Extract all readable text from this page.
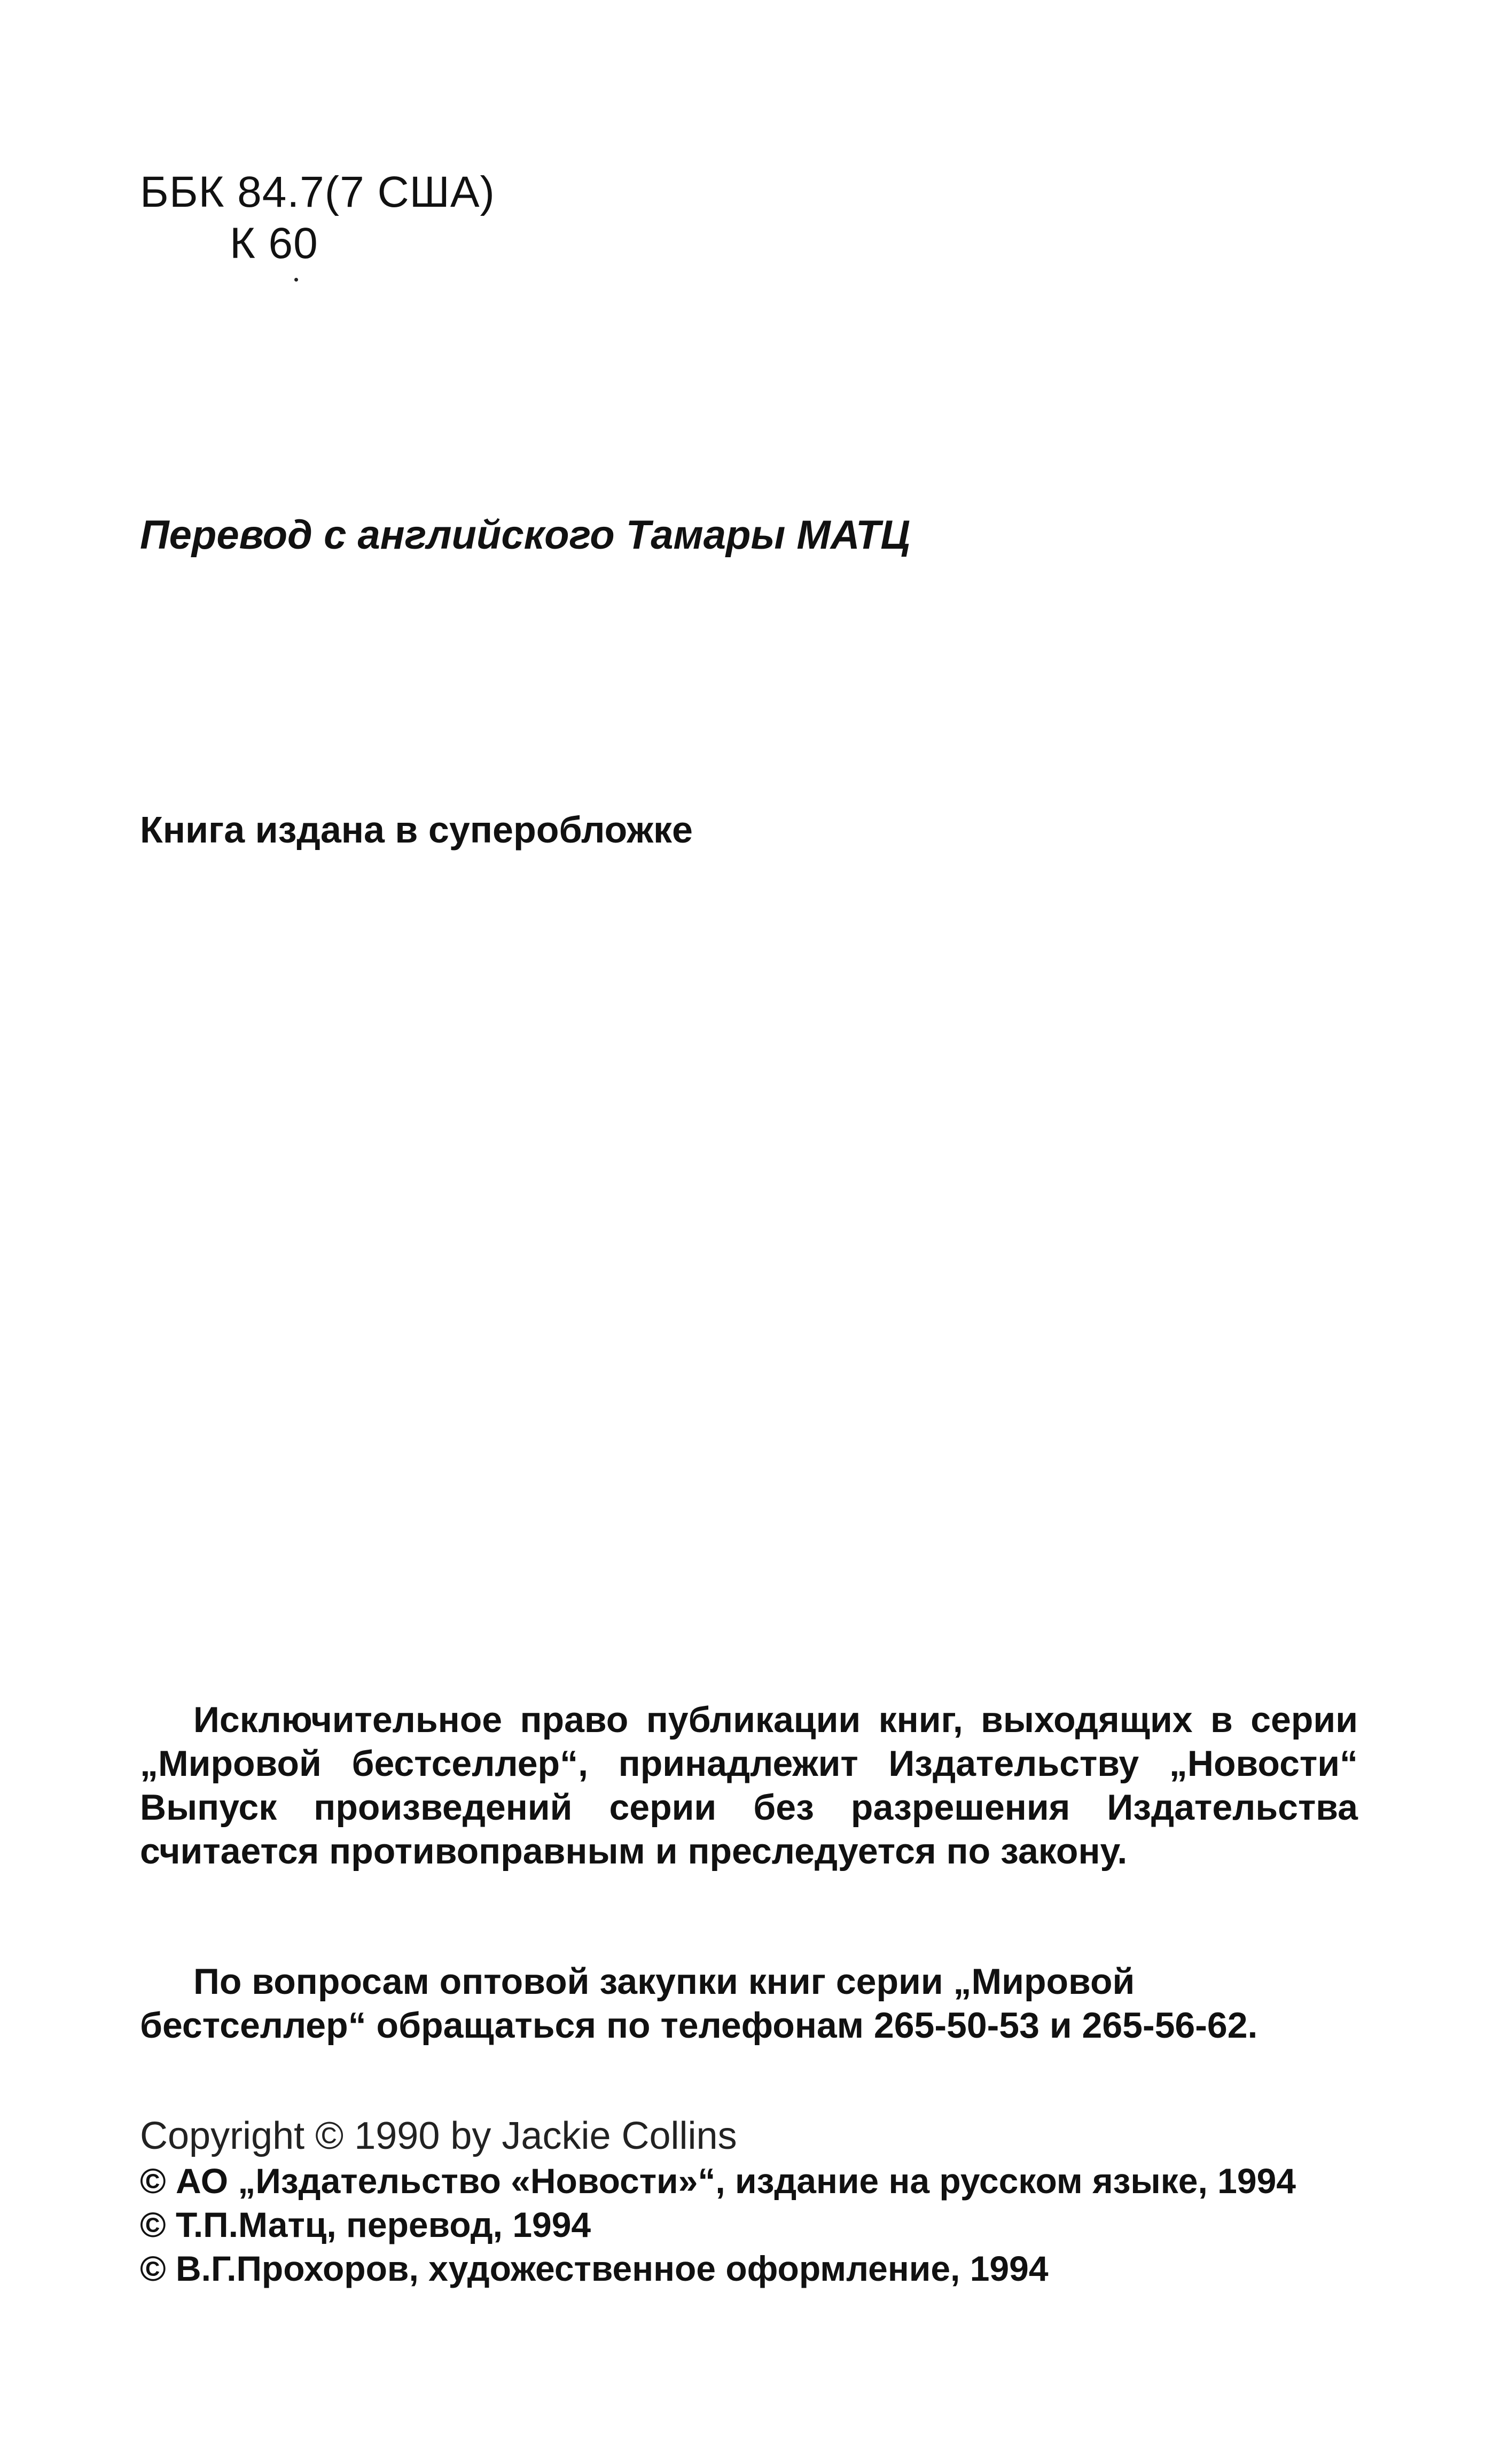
ББК 84.7(7 США)
К 60
Перевод с английского Тамары МАТЦ
Книга издана в суперобложке

Исключительное право публикации книг, выходящих в серии „Мировой бестселлер“, принадлежит Издательству „Новости“ Выпуск произведений серии без разрешения Издательства считается противоправным и преследуется по закону.

По вопросам оптовой закупки книг серии „Мировой бестселлер“ обращаться по телефонам 265-50-53 и 265-56-62.

Copyright © 1990 by Jackie Collins
© АО „Издательство «Новости»“, издание на русском языке, 1994
© Т.П.Матц, перевод, 1994
© В.Г.Прохоров, художественное оформление, 1994
